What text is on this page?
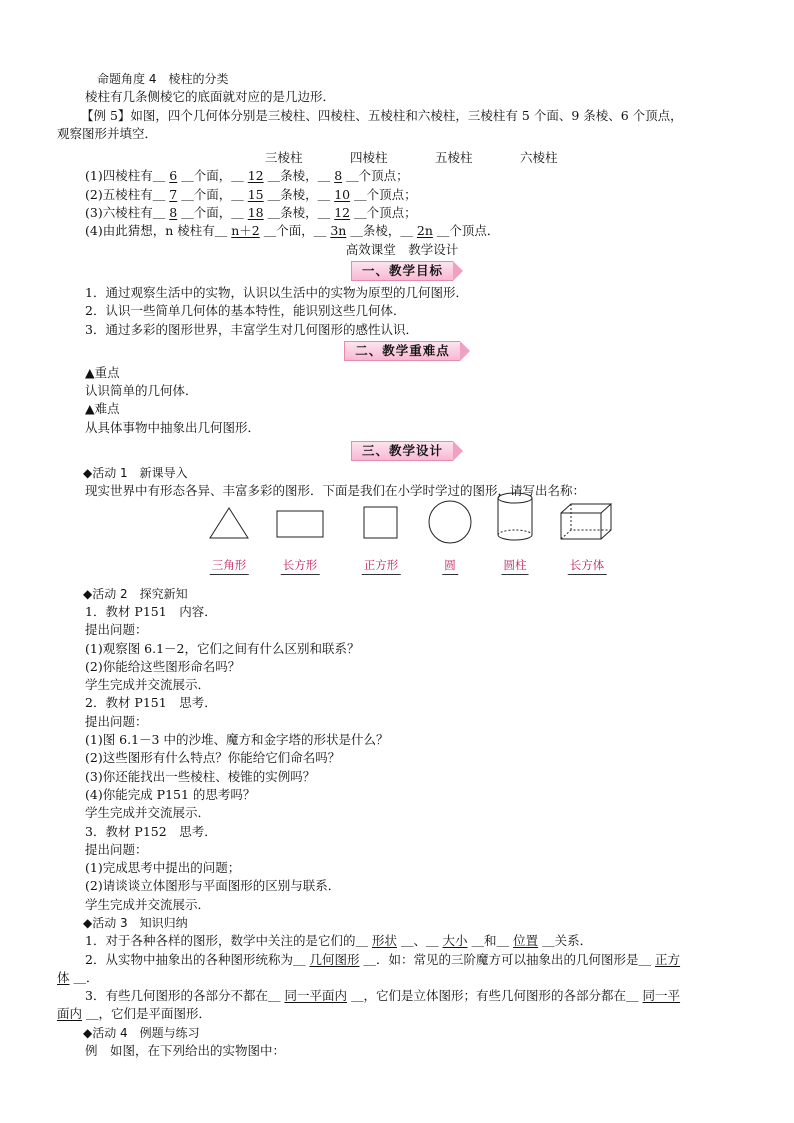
命题角度 4　棱柱的分类
棱柱有几条侧棱它的底面就对应的是几边形．
【例 5】如图，四个几何体分别是三棱柱、四棱柱、五棱柱和六棱柱，三棱柱有 5 个面、9 条棱、6 个顶点，
观察图形并填空．
三棱柱	四棱柱	五棱柱	六棱柱
(1)四棱柱有＿ 6 ＿个面，＿ 12 ＿条棱，＿ 8 ＿个顶点；
(2)五棱柱有＿ 7 ＿个面，＿ 15 ＿条棱，＿ 10 ＿个顶点；
(3)六棱柱有＿ 8 ＿个面，＿ 18 ＿条棱，＿ 12 ＿个顶点；
(4)由此猜想，n 棱柱有＿ n＋2 ＿个面，＿ 3n ＿条棱，＿ 2n ＿个顶点．
高效课堂　教学设计
一、教学目标
1．通过观察生活中的实物，认识以生活中的实物为原型的几何图形．
2．认识一些简单几何体的基本特性，能识别这些几何体．
3．通过多彩的图形世界，丰富学生对几何图形的感性认识．
二、教学重难点
▲重点
认识简单的几何体．
▲难点
从具体事物中抽象出几何图形．
三、教学设计
◆活动 1　新课导入
现实世界中有形态各异、丰富多彩的图形．下面是我们在小学时学过的图形，请写出名称：
三角形	长方形	正方形	圆	圆柱	长方体
◆活动 2　探究新知
1．教材 P151　内容．
提出问题：
(1)观察图 6.1－2，它们之间有什么区别和联系？
(2)你能给这些图形命名吗？
学生完成并交流展示．
2．教材 P151　思考．
提出问题：
(1)图 6.1－3 中的沙堆、魔方和金字塔的形状是什么？
(2)这些图形有什么特点？你能给它们命名吗？
(3)你还能找出一些棱柱、棱锥的实例吗？
(4)你能完成 P151 的思考吗？
学生完成并交流展示．
3．教材 P152　思考．
提出问题：
(1)完成思考中提出的问题；
(2)请谈谈立体图形与平面图形的区别与联系．
学生完成并交流展示．
◆活动 3　知识归纳
1．对于各种各样的图形，数学中关注的是它们的＿ 形状 ＿、＿ 大小 ＿和＿ 位置 ＿关系．
2．从实物中抽象出的各种图形统称为＿ 几何图形 ＿．如：常见的三阶魔方可以抽象出的几何图形是＿ 正方
体 ＿．
3．有些几何图形的各部分不都在＿ 同一平面内 ＿，它们是立体图形；有些几何图形的各部分都在＿ 同一平
面内 ＿，它们是平面图形．
◆活动 4　例题与练习
例　如图，在下列给出的实物图中：
